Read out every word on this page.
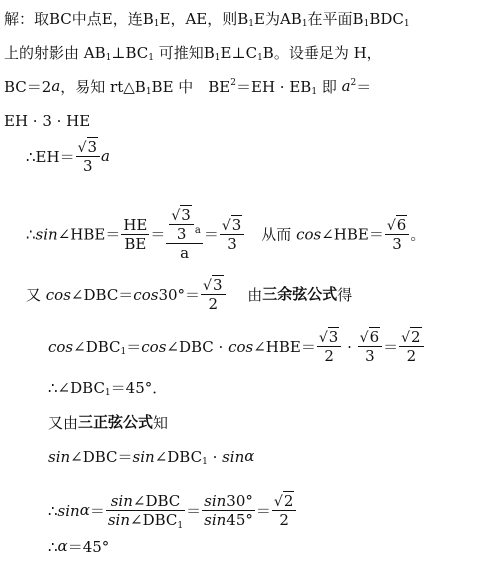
解：取BC中点E，连$B_1E$，AE，则$B_1E$为$AB_1$在平面$B_1BDC_1$
上的射影由 $AB_1\perp BC_1$ 可推知$B_1E\perp C_1B$。设垂足为 H，
BC＝2a，易知 $rt\triangle B_1BE$ 中　$BE^2=EH \cdot EB_1$ 即 $a^2=$
EH · 3 · HE
∴EH＝ $\frac{√3}{3}$ a
∴sin∠HBE＝ $\frac{HE}{BE} = \frac{\frac{√3}{3} ^a}{a} = \frac{√3}{3}$ 从而 cos∠HBE＝ $\frac{√6}{3}$ 。
又 cos∠DBC＝cos30°＝ $\frac{√3}{2}$ 由三余弦公式得
$\cos\angle DBC_1=\cos\angle DBC$ · cos∠HBE＝ $\frac{√3}{2} \cdot \frac{√6}{3} = \frac{√2}{2}$
$\therefore\angle DBC_1=45^\circ$．
又由三正弦公式知
$\sin\angle DBC=\sin\angle DBC_1 \cdot \sin\alpha$
∴sinα＝ $\frac{\text{sin∠DBC}}{\sin\angle DBC_1} = \frac{\sin 30^\circ}{\sin 45^\circ} = \frac{√2}{2}$
∴α＝45°
